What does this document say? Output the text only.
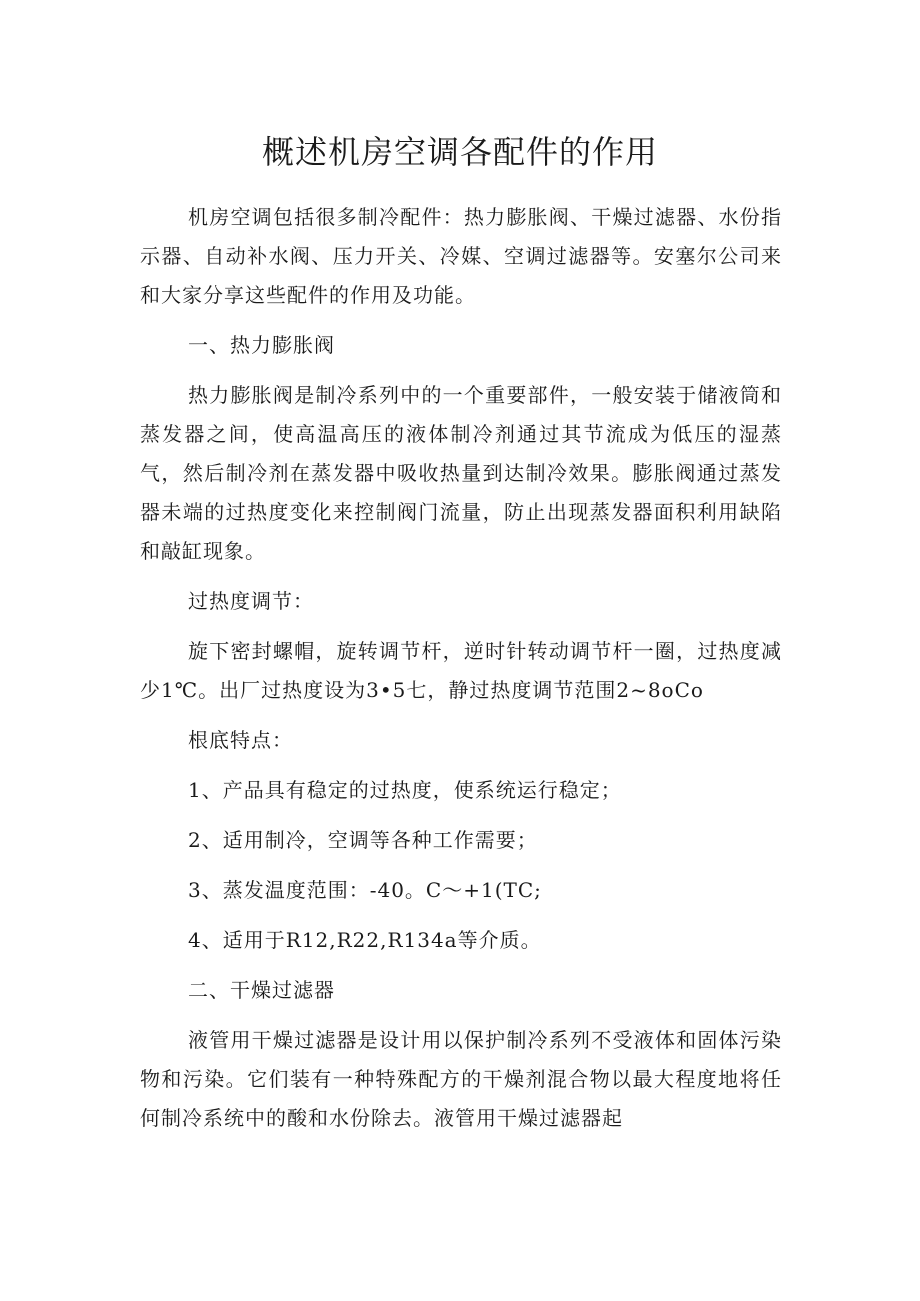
概述机房空调各配件的作用

机房空调包括很多制冷配件：热力膨胀阀、干燥过滤器、水份指示器、自动补水阀、压力开关、冷媒、空调过滤器等。安塞尔公司来和大家分享这些配件的作用及功能。

一、热力膨胀阀

热力膨胀阀是制冷系列中的一个重要部件，一般安装于储液筒和蒸发器之间，使高温高压的液体制冷剂通过其节流成为低压的湿蒸气，然后制冷剂在蒸发器中吸收热量到达制冷效果。膨胀阀通过蒸发器未端的过热度变化来控制阀门流量，防止出现蒸发器面积利用缺陷和敲缸现象。

过热度调节：

旋下密封螺帽，旋转调节杆，逆时针转动调节杆一圈，过热度减少1℃。出厂过热度设为3•5七，静过热度调节范围2~8oCo

根底特点：

1、产品具有稳定的过热度，使系统运行稳定；

2、适用制冷，空调等各种工作需要；

3、蒸发温度范围：-40。C～+1(TC;

4、适用于R12,R22,R134a等介质。

二、干燥过滤器

液管用干燥过滤器是设计用以保护制冷系列不受液体和固体污染物和污染。它们装有一种特殊配方的干燥剂混合物以最大程度地将任何制冷系统中的酸和水份除去。液管用干燥过滤器起
